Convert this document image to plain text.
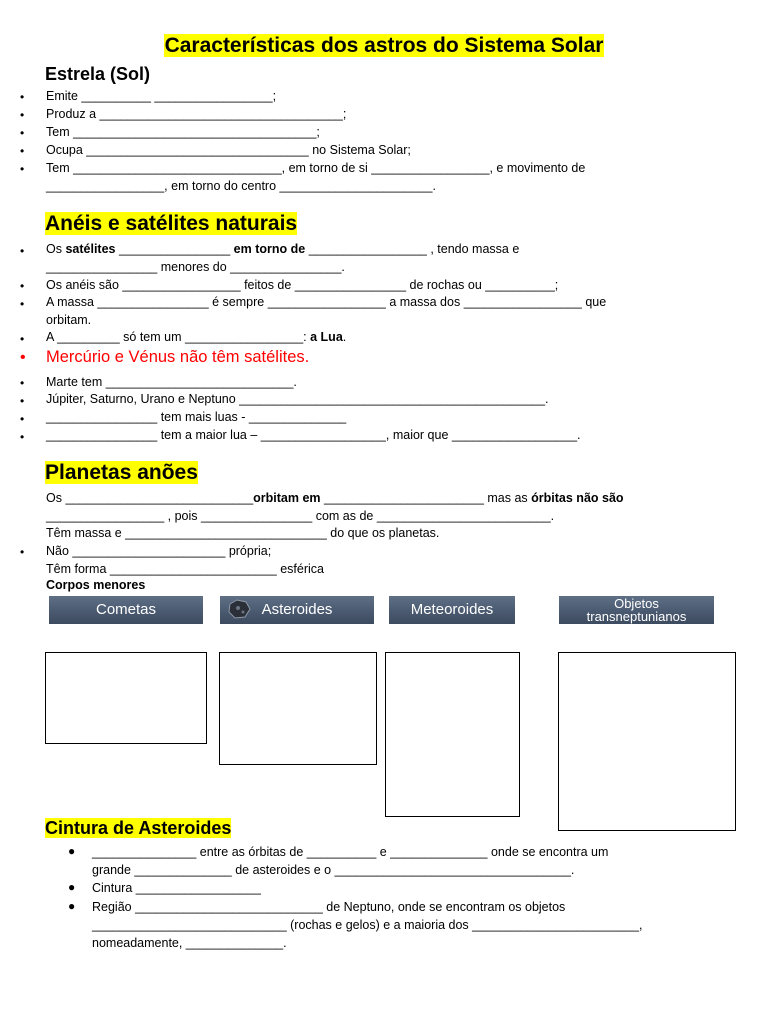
Características dos astros do Sistema Solar
Estrela (Sol)
• Emite __________ _________________;
• Produz a ___________________________________;
• Tem ___________________________________;
• Ocupa ________________________________ no Sistema Solar;
• Tem ______________________________, em torno de si _________________, e movimento de
_________________, em torno do centro ______________________.
Anéis e satélites naturais
• Os satélites ________________ em torno de _________________ , tendo massa e
________________ menores do ________________.
• Os anéis são _________________ feitos de ________________ de rochas ou __________;
• A massa ________________ é sempre _________________ a massa dos _________________ que
orbitam.
• A _________ só tem um _________________: a Lua.
• Mercúrio e Vénus não têm satélites.
• Marte tem ___________________________.
• Júpiter, Saturno, Urano e Neptuno ____________________________________________.
• ________________ tem mais luas - ______________
• ________________ tem a maior lua – __________________, maior que __________________.
Planetas anões
Os ___________________________orbitam em _______________________ mas as órbitas não são
_________________ , pois ________________ com as de _________________________.
Têm massa e _____________________________ do que os planetas.
• Não ______________________ própria;
Têm forma ________________________ esférica
Corpos menores
Cometas	Asteroides	Meteoroides	Objetos
transneptunianos
Cintura de Asteroides
● _______________ entre as órbitas de __________ e ______________ onde se encontra um
grande ______________ de asteroides e o __________________________________.
● Cintura __________________
● Região ___________________________ de Neptuno, onde se encontram os objetos
____________________________ (rochas e gelos) e a maioria dos ________________________,
nomeadamente, ______________.
